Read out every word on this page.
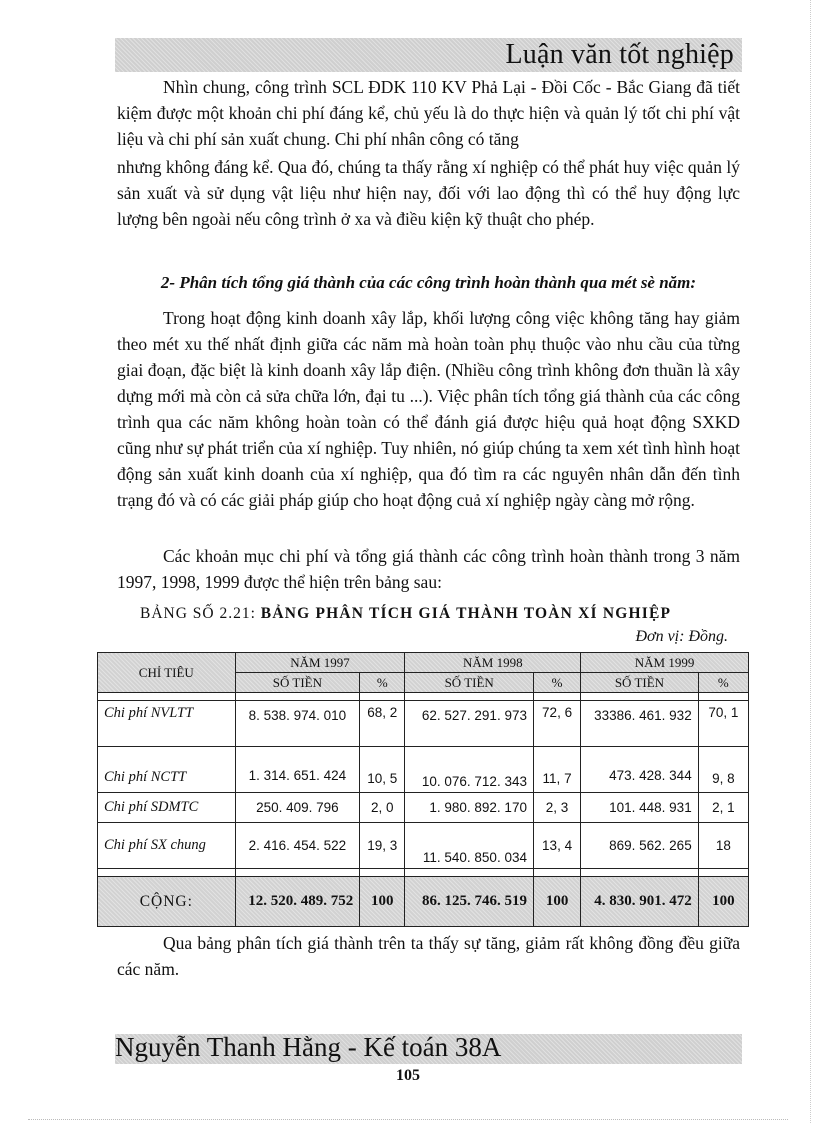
Luận văn tốt nghiệp

Nhìn chung, công trình SCL ĐDK 110 KV Phả Lại - Đồi Cốc - Bắc Giang đã tiết kiệm được một khoản chi phí đáng kể, chủ yếu là do thực hiện và quản lý tốt chi phí vật liệu và chi phí sản xuất chung. Chi phí nhân công có tăng

nhưng không đáng kể. Qua đó, chúng ta thấy rằng xí nghiệp có thể phát huy việc quản lý sản xuất và sử dụng vật liệu như hiện nay, đối với lao động thì có thể huy động lực lượng bên ngoài nếu công trình ở xa và điều kiện kỹ thuật cho phép.

2- Phân tích tổng giá thành của các công trình hoàn thành qua mét sè năm:

Trong hoạt động kinh doanh xây lắp, khối lượng công việc không tăng hay giảm theo mét xu thế nhất định giữa các năm mà hoàn toàn phụ thuộc vào nhu cầu của từng giai đoạn, đặc biệt là kinh doanh xây lắp điện. (Nhiều công trình không đơn thuần là xây dựng mới mà còn cả sửa chữa lớn, đại tu ...). Việc phân tích tổng giá thành của các công trình qua các năm không hoàn toàn có thể đánh giá được hiệu quả hoạt động SXKD cũng như sự phát triển của xí nghiệp. Tuy nhiên, nó giúp chúng ta xem xét tình hình hoạt động sản xuất kinh doanh của xí nghiệp, qua đó tìm ra các nguyên nhân dẫn đến tình trạng đó và có các giải pháp giúp cho hoạt động cuả xí nghiệp ngày càng mở rộng.

Các khoản mục chi phí và tổng giá thành các công trình hoàn thành trong 3 năm 1997, 1998, 1999 được thể hiện trên bảng sau:

BẢNG SỐ 2.21: BẢNG PHÂN TÍCH GIÁ THÀNH TOÀN XÍ NGHIỆP
Đơn vị: Đồng.
CHỈ TIÊU	NĂM 1997		NĂM 1998		NĂM 1999	
	SỐ TIỀN	%	SỐ TIỀN	%	SỐ TIỀN	%

Chi phí NVLTT	8. 538. 974. 010	68, 2	62. 527. 291. 973	72, 6	33386. 461. 932	70, 1
Chi phí NCTT	1. 314. 651. 424	10, 5	10. 076. 712. 343	11, 7	473. 428. 344	9, 8
Chi phí SDMTC	250. 409. 796	2, 0	1. 980. 892. 170	2, 3	101. 448. 931	2, 1
Chi phí SX chung	2. 416. 454. 522	19, 3	11. 540. 850. 034	13, 4	869. 562. 265	18

CỘNG:	12. 520. 489. 752	100	86. 125. 746. 519	100	4. 830. 901. 472	100

Qua bảng phân tích giá thành trên ta thấy sự tăng, giảm rất không đồng đều giữa các năm.

Nguyễn Thanh Hằng - Kế toán 38A
105
